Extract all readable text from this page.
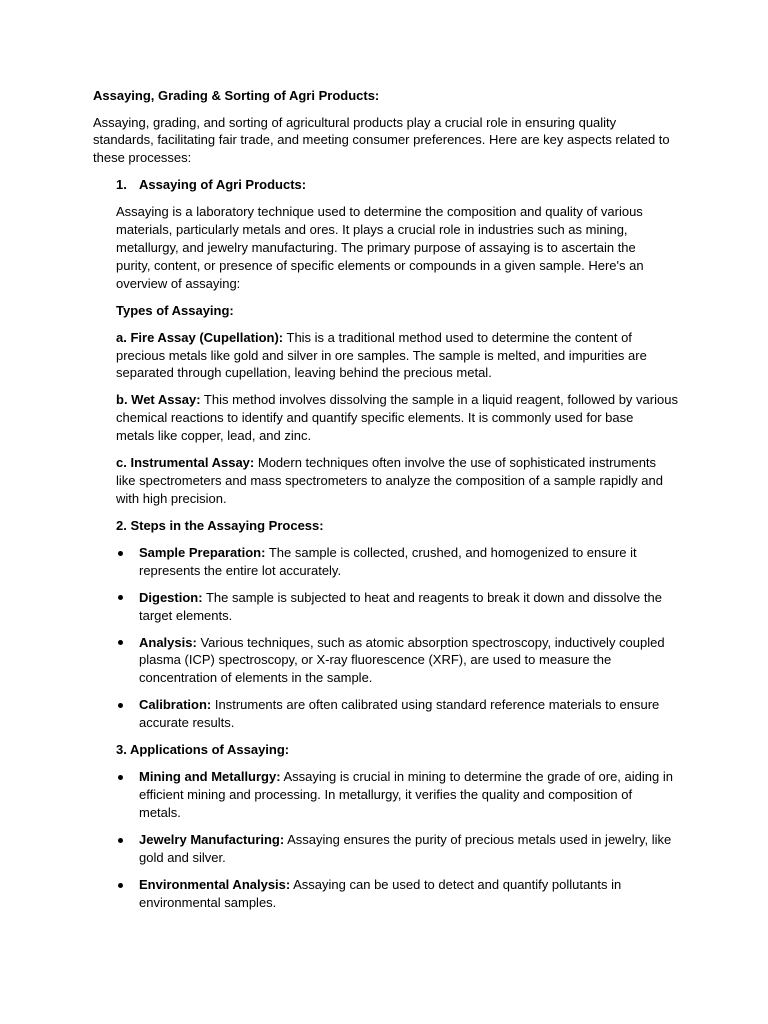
Assaying, Grading & Sorting of Agri Products:
Assaying, grading, and sorting of agricultural products play a crucial role in ensuring quality
standards, facilitating fair trade, and meeting consumer preferences. Here are key aspects related to
these processes:
1. Assaying of Agri Products:
Assaying is a laboratory technique used to determine the composition and quality of various
materials, particularly metals and ores. It plays a crucial role in industries such as mining,
metallurgy, and jewelry manufacturing. The primary purpose of assaying is to ascertain the
purity, content, or presence of specific elements or compounds in a given sample. Here's an
overview of assaying:
Types of Assaying:
a. Fire Assay (Cupellation): This is a traditional method used to determine the content of
precious metals like gold and silver in ore samples. The sample is melted, and impurities are
separated through cupellation, leaving behind the precious metal.
b. Wet Assay: This method involves dissolving the sample in a liquid reagent, followed by various
chemical reactions to identify and quantify specific elements. It is commonly used for base
metals like copper, lead, and zinc.
c. Instrumental Assay: Modern techniques often involve the use of sophisticated instruments
like spectrometers and mass spectrometers to analyze the composition of a sample rapidly and
with high precision.
2. Steps in the Assaying Process:
Sample Preparation: The sample is collected, crushed, and homogenized to ensure it
represents the entire lot accurately.
Digestion: The sample is subjected to heat and reagents to break it down and dissolve the
target elements.
Analysis: Various techniques, such as atomic absorption spectroscopy, inductively coupled
plasma (ICP) spectroscopy, or X-ray fluorescence (XRF), are used to measure the
concentration of elements in the sample.
Calibration: Instruments are often calibrated using standard reference materials to ensure
accurate results.
3. Applications of Assaying:
Mining and Metallurgy: Assaying is crucial in mining to determine the grade of ore, aiding in
efficient mining and processing. In metallurgy, it verifies the quality and composition of
metals.
Jewelry Manufacturing: Assaying ensures the purity of precious metals used in jewelry, like
gold and silver.
Environmental Analysis: Assaying can be used to detect and quantify pollutants in
environmental samples.
